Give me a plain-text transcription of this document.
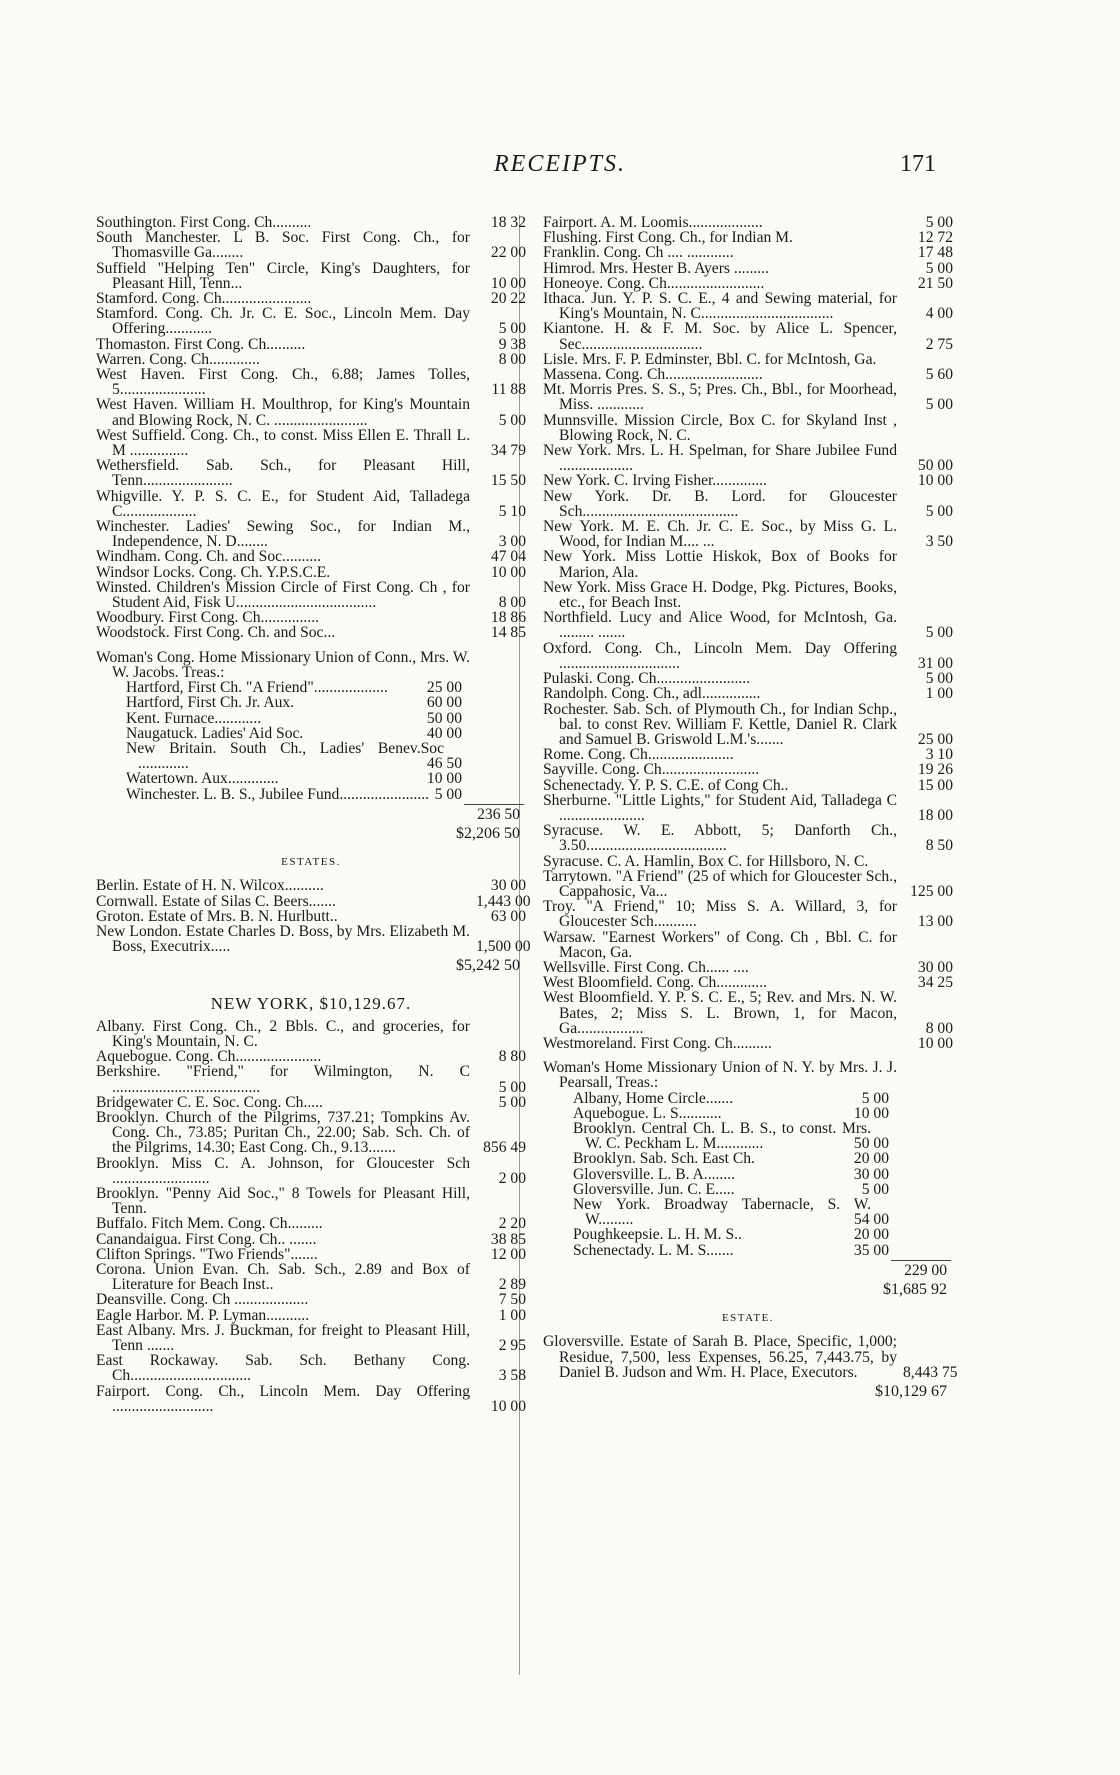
RECEIPTS.	171
Southington. First Cong. Ch..........	18 32
South Manchester. L B. Soc. First Cong. Ch., for Thomasville Ga........	22 00
Suffield "Helping Ten" Circle, King's Daughters, for Pleasant Hill, Tenn...	10 00
Stamford. Cong. Ch.......................	20 22
Stamford. Cong. Ch. Jr. C. E. Soc., Lincoln Mem. Day Offering............	5 00
Thomaston. First Cong. Ch..........	9 38
Warren. Cong. Ch.............	8 00
West Haven. First Cong. Ch., 6.88; James Tolles, 5......................	11 88
West Haven. William H. Moulthrop, for King's Mountain and Blowing Rock, N. C. ........................	5 00
West Suffield. Cong. Ch., to const. Miss Ellen E. Thrall L. M ...............	34 79
Wethersfield. Sab. Sch., for Pleasant Hill, Tenn.......................	15 50
Whigville. Y. P. S. C. E., for Student Aid, Talladega C...................	5 10
Winchester. Ladies' Sewing Soc., for Indian M., Independence, N. D........	3 00
Windham. Cong. Ch. and Soc..........	47 04
Windsor Locks. Cong. Ch. Y.P.S.C.E.	10 00
Winsted. Children's Mission Circle of First Cong. Ch , for Student Aid, Fisk U....................................	8 00
Woodbury. First Cong. Ch...............	18 86
Woodstock. First Cong. Ch. and Soc...	14 85
Woman's Cong. Home Missionary Union of Conn., Mrs. W. W. Jacobs. Treas.:
Hartford, First Ch. "A Friend"...................	25 00
Hartford, First Ch. Jr. Aux.	60 00
Kent. Furnace............	50 00
Naugatuck. Ladies' Aid Soc.	40 00
New Britain. South Ch., Ladies' Benev.Soc .............	46 50
Watertown. Aux.............	10 00
Winchester. L. B. S., Jubilee Fund....................... 5 00
236 50
$2,206 50
ESTATES.
Berlin. Estate of H. N. Wilcox..........	30 00
Cornwall. Estate of Silas C. Beers.......	1,443 00
Groton. Estate of Mrs. B. N. Hurlbutt..	63 00
New London. Estate Charles D. Boss, by Mrs. Elizabeth M. Boss, Executrix.....	1,500 00
$5,242 50
NEW YORK, $10,129.67.
Albany. First Cong. Ch., 2 Bbls. C., and groceries, for King's Mountain, N. C.
Aquebogue. Cong. Ch......................	8 80
Berkshire. "Friend," for Wilmington, N. C ......................................	5 00
Bridgewater C. E. Soc. Cong. Ch.....	5 00
Brooklyn. Church of the Pilgrims, 737.21; Tompkins Av. Cong. Ch., 73.85; Puritan Ch., 22.00; Sab. Sch. Ch. of the Pilgrims, 14.30; East Cong. Ch., 9.13.......	856 49
Brooklyn. Miss C. A. Johnson, for Gloucester Sch .........................	2 00
Brooklyn. "Penny Aid Soc.," 8 Towels for Pleasant Hill, Tenn.
Buffalo. Fitch Mem. Cong. Ch.........	2 20
Canandaigua. First Cong. Ch.. .......	38 85
Clifton Springs. "Two Friends".......	12 00
Corona. Union Evan. Ch. Sab. Sch., 2.89 and Box of Literature for Beach Inst..	2 89
Deansville. Cong. Ch ...................	7 50
Eagle Harbor. M. P. Lyman...........	1 00
East Albany. Mrs. J. Buckman, for freight to Pleasant Hill, Tenn .......	2 95
East Rockaway. Sab. Sch. Bethany Cong. Ch...............................	3 58
Fairport. Cong. Ch., Lincoln Mem. Day Offering ..........................	10 00
Fairport. A. M. Loomis...................	5 00
Flushing. First Cong. Ch., for Indian M.	12 72
Franklin. Cong. Ch .... ............	17 48
Himrod. Mrs. Hester B. Ayers .........	5 00
Honeoye. Cong. Ch.........................	21 50
Ithaca. Jun. Y. P. S. C. E., 4 and Sewing material, for King's Mountain, N. C..................................	4 00
Kiantone. H. & F. M. Soc. by Alice L. Spencer, Sec...............................	2 75
Lisle. Mrs. F. P. Edminster, Bbl. C. for McIntosh, Ga.
Massena. Cong. Ch.........................	5 60
Mt. Morris Pres. S. S., 5; Pres. Ch., Bbl., for Moorhead, Miss. ............	5 00
Munnsville. Mission Circle, Box C. for Skyland Inst , Blowing Rock, N. C.
New York. Mrs. L. H. Spelman, for Share Jubilee Fund ...................	50 00
New York. C. Irving Fisher..............	10 00
New York. Dr. B. Lord. for Gloucester Sch........................................	5 00
New York. M. E. Ch. Jr. C. E. Soc., by Miss G. L. Wood, for Indian M.... ...	3 50
New York. Miss Lottie Hiskok, Box of Books for Marion, Ala.
New York. Miss Grace H. Dodge, Pkg. Pictures, Books, etc., for Beach Inst.
Northfield. Lucy and Alice Wood, for McIntosh, Ga. ......... .......	5 00
Oxford. Cong. Ch., Lincoln Mem. Day Offering ...............................	31 00
Pulaski. Cong. Ch........................	5 00
Randolph. Cong. Ch., adl...............	1 00
Rochester. Sab. Sch. of Plymouth Ch., for Indian Schp., bal. to const Rev. William F. Kettle, Daniel R. Clark and Samuel B. Griswold L.M.'s.......	25 00
Rome. Cong. Ch......................	3 10
Sayville. Cong. Ch.........................	19 26
Schenectady. Y. P. S. C.E. of Cong Ch..	15 00
Sherburne. "Little Lights," for Student Aid, Talladega C ......................	18 00
Syracuse. W. E. Abbott, 5; Danforth Ch., 3.50....................................	8 50
Syracuse. C. A. Hamlin, Box C. for Hillsboro, N. C.
Tarrytown. "A Friend" (25 of which for Gloucester Sch., Cappahosic, Va...	125 00
Troy. "A Friend," 10; Miss S. A. Willard, 3, for Gloucester Sch...........	13 00
Warsaw. "Earnest Workers" of Cong. Ch , Bbl. C. for Macon, Ga.
Wellsville. First Cong. Ch...... ....	30 00
West Bloomfield. Cong. Ch.............	34 25
West Bloomfield. Y. P. S. C. E., 5; Rev. and Mrs. N. W. Bates, 2; Miss S. L. Brown, 1, for Macon, Ga.................	8 00
Westmoreland. First Cong. Ch..........	10 00
Woman's Home Missionary Union of N. Y. by Mrs. J. J. Pearsall, Treas.:
Albany, Home Circle.......	5 00
Aquebogue. L. S...........	10 00
Brooklyn. Central Ch. L. B. S., to const. Mrs. W. C. Peckham L. M............	50 00
Brooklyn. Sab. Sch. East Ch.	20 00
Gloversville. L. B. A........	30 00
Gloversville. Jun. C. E.....	5 00
New York. Broadway Tabernacle, S. W. W.........	54 00
Poughkeepsie. L. H. M. S..	20 00
Schenectady. L. M. S.......	35 00
229 00
$1,685 92
ESTATE.
Gloversville. Estate of Sarah B. Place, Specific, 1,000; Residue, 7,500, less Expenses, 56.25, 7,443.75, by Daniel B. Judson and Wm. H. Place, Executors.	8,443 75
$10,129 67
